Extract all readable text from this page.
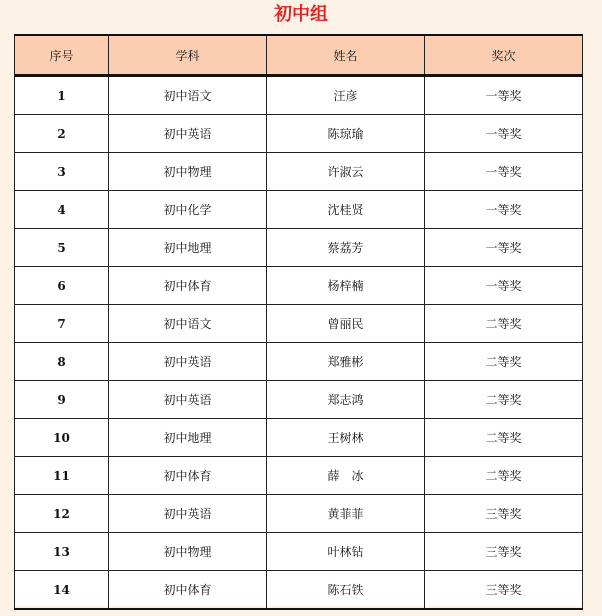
初中组
序号	学科	姓名	奖次
1	初中语文	汪彦	一等奖
2	初中英语	陈琼瑜	一等奖
3	初中物理	许淑云	一等奖
4	初中化学	沈桂贤	一等奖
5	初中地理	蔡荔芳	一等奖
6	初中体育	杨梓楠	一等奖
7	初中语文	曾丽民	二等奖
8	初中英语	郑雅彬	二等奖
9	初中英语	郑志鸿	二等奖
10	初中地理	王树林	二等奖
11	初中体育	薛　冰	二等奖
12	初中英语	黄菲菲	三等奖
13	初中物理	叶林钻	三等奖
14	初中体育	陈石铁	三等奖
